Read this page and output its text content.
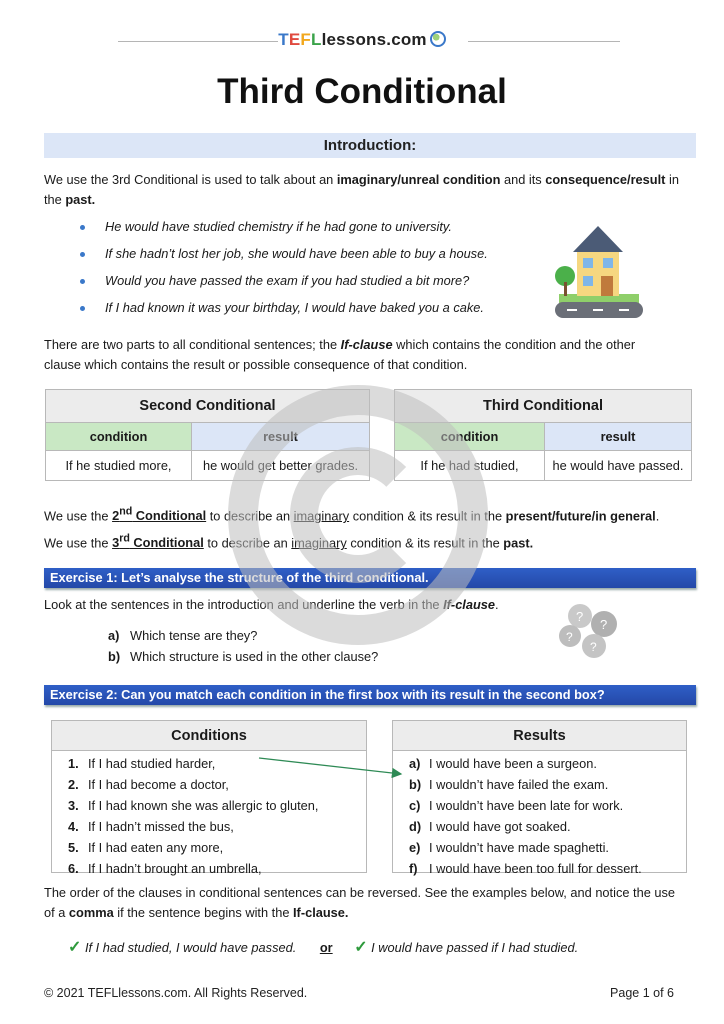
TEFLlessons.com
Third Conditional
Introduction:
We use the 3rd Conditional is used to talk about an imaginary/unreal condition and its consequence/result in the past.
He would have studied chemistry if he had gone to university.
If she hadn’t lost her job, she would have been able to buy a house.
Would you have passed the exam if you had studied a bit more?
If I had known it was your birthday, I would have baked you a cake.
There are two parts to all conditional sentences; the If-clause which contains the condition and the other
clause which contains the result or possible consequence of that condition.
Second Conditional	
condition	result
If he studied more,	he would get better grades.
Third Conditional	
condition	result
If he had studied,	he would have passed.
We use the 2nd Conditional to describe an imaginary condition & its result in the present/future/in general.
We use the 3rd Conditional to describe an imaginary condition & its result in the past.
Exercise 1: Let’s analyse the structure of the third conditional.
Look at the sentences in the introduction and underline the verb in the If-clause.
a) Which tense are they?
b) Which structure is used in the other clause?
?
?
?
?
Exercise 2: Can you match each condition in the first box with its result in the second box?
Conditions
1. If I had studied harder,
2. If I had become a doctor,
3. If I had known she was allergic to gluten,
4. If I hadn’t missed the bus,
5. If I had eaten any more,
6. If I hadn’t brought an umbrella,
Results
a) I would have been a surgeon.
b) I wouldn’t have failed the exam.
c) I wouldn’t have been late for work.
d) I would have got soaked.
e) I wouldn’t have made spaghetti.
f) I would have been too full for dessert.
The order of the clauses in conditional sentences can be reversed. See the examples below, and notice the use
of a comma if the sentence begins with the If-clause.
✓ If I had studied, I would have passed. or ✓ I would have passed if I had studied.
© 2021 TEFLlessons.com. All Rights Reserved.	Page 1 of 6
